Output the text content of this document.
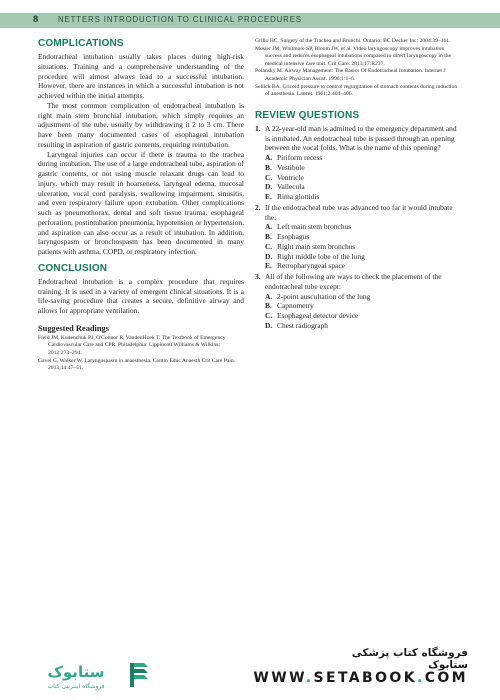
8	NETTERS INTRODUCTION TO CLINICAL PROCEDURES
COMPLICATIONS

Endotracheal intubation usually takes places during high-risk situations. Training and a comprehensive understanding of the procedure will almost always lead to a successful intubation. However, there are instances in which a successful intubation is not achieved within the initial attempts.

The most common complication of endotracheal intubation is right main stem bronchial intubation, which simply requires an adjustment of the tube, usually by withdrawing it 2 to 3 cm. There have been many documented cases of esophageal intubation resulting in aspiration of gastric contents, requiring reintubation.

Laryngeal injuries can occur if there is trauma to the trachea during intubation. The use of a large endotracheal tube, aspiration of gastric contents, or not using muscle relaxant drugs can lead to injury, which may result in hoarseness, laryngeal edema, mucosal ulceration, vocal cord paralysis, swallowing impairment, sinusitis, and even respiratory failure upon extubation. Other complications such as pneumothorax, dental and soft tissue trauma, esophageal perforation, postintubation pneumonia, hypotension or hypertension, and aspiration can also occur as a result of intubation. In addition, laryngospasm or bronchospasm has been documented in many patients with asthma, COPD, or respiratory infection.

CONCLUSION

Endotracheal intubation is a complex procedure that requires training. It is used in a variety of emergent clinical situations. It is a life-saving procedure that creates a secure, definitive airway and allows for appropriate ventilation.

Suggested Readings

Field JM, Kudenchuk PJ, O'Connor R, VandenHoek T. The Textbook of Emergency Cardiovascular Care and CPR. Philadelphia: Lippincott Williams & Wilkins; 2012:273–294.

Gavel G, Walker W. Laryngospasm in anaesthesia. Contin Educ Anaesth Crit Care Pain. 2013;14:47–51.

Grillo HC. Surgery of the Trachea and Bronchi. Ontario: BC Decker Inc; 2004:39–161.

Mosier JM, Whitmore SP, Bloom JW, et al. Video laryngoscopy improves intubation success and reduces esophageal intubations compared to direct laryngoscopy in the medical intensive care unit. Crit Care. 2013;17:R237.

Polansky M. Airway Management: The Basics Of Endotracheal Intubation. Internet J Academic Physician Assist. 1996;1:1–6.

Sellick BA. Cricoid pressure to control regurgitation of stomach contents during induction of anesthesia. Lancet. 1961;2:404–406.

REVIEW QUESTIONS
1. A 22-year-old man is admitted to the emergency department and is intubated. An endotracheal tube is passed through an opening between the vocal folds. What is the name of this opening?
A. Piriform recess
B. Vestibule
C. Ventricle
D. Vallecula
E. Rima glottidis
2. If the endotracheal tube was advanced too far it would intubate the:
A. Left main stem bronchus
B. Esophagus
C. Right main stem bronchus
D. Right middle lobe of the lung
E. Retropharyngeal space
3. All of the following are ways to check the placement of the endotracheal tube except:
A. 2-point auscultation of the lung
B. Capnometry
C. Esophageal detector device
D. Chest radiograph
ستابوک
فروشگاه اینترنتی کتاب
فروشگاه کتاب پزشکی ستابوک
WWW.SETABOOK.COM
